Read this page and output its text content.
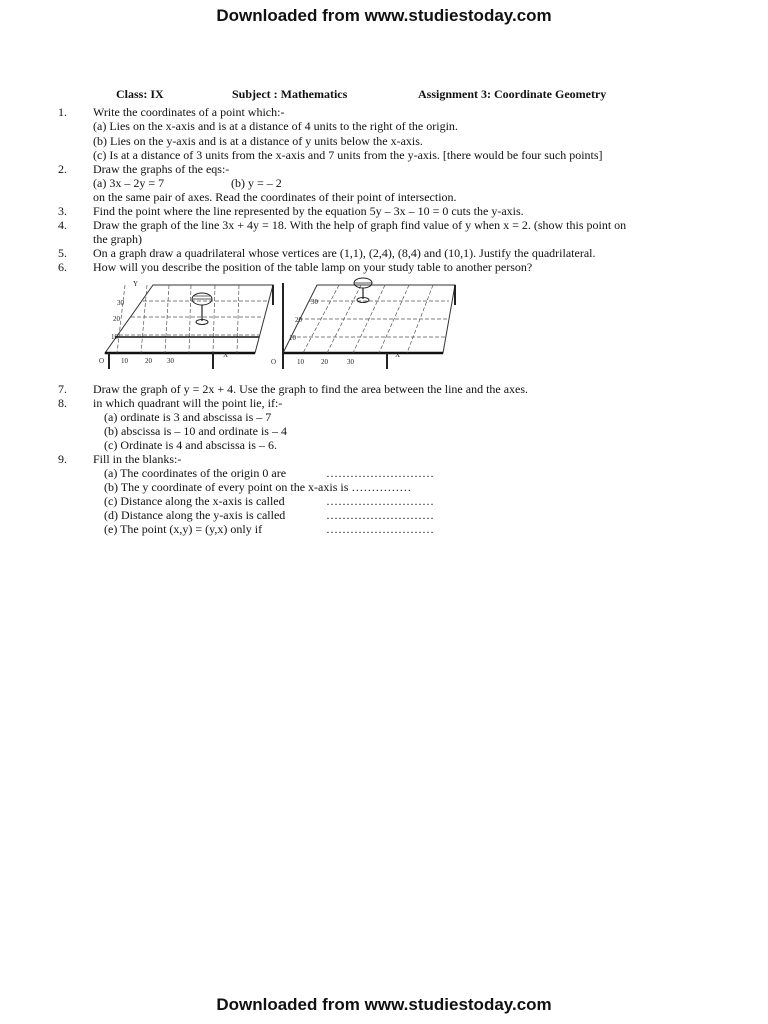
Downloaded from www.studiestoday.com
Class: IX	Subject : Mathematics	Assignment 3: Coordinate Geometry
1. Write the coordinates of a point which:-
(a) Lies on the x-axis and is at a distance of 4 units to the right of the origin.
(b) Lies on the y-axis and is at a distance of y units below the x-axis.
(c) Is at a distance of 3 units from the x-axis and 7 units from the y-axis. [there would be four such points]
2. Draw the graphs of the eqs:-
(a) 3x – 2y = 7	(b) y = – 2
on the same pair of axes. Read the coordinates of their point of intersection.
3. Find the point where the line represented by the equation 5y – 3x – 10 = 0 cuts the y-axis.
4. Draw the graph of the line 3x + 4y = 18. With the help of graph find value of y when x = 2. (show this point on
the graph)
5. On a graph draw a quadrilateral whose vertices are (1,1), (2,4), (8,4) and (10,1). Justify the quadrilateral.
6. How will you describe the position of the table lamp on your study table to another person?
Y
30
20
10
O 10 20 30
X
30
20
10
O	10 20	30
X
7. Draw the graph of y = 2x + 4. Use the graph to find the area between the line and the axes.
8. in which quadrant will the point lie, if:-
(a) ordinate is 3 and abscissa is – 7
(b) abscissa is – 10 and ordinate is – 4
(c) Ordinate is 4 and abscissa is – 6.
9. Fill in the blanks:-
(a) The coordinates of the origin 0 are	………………………
(b) The y coordinate of every point on the x-axis is ……………
(c) Distance along the x-axis is called	………………………
(d) Distance along the y-axis is called	………………………
(e) The point (x,y) = (y,x) only if	………………………
Downloaded from www.studiestoday.com
